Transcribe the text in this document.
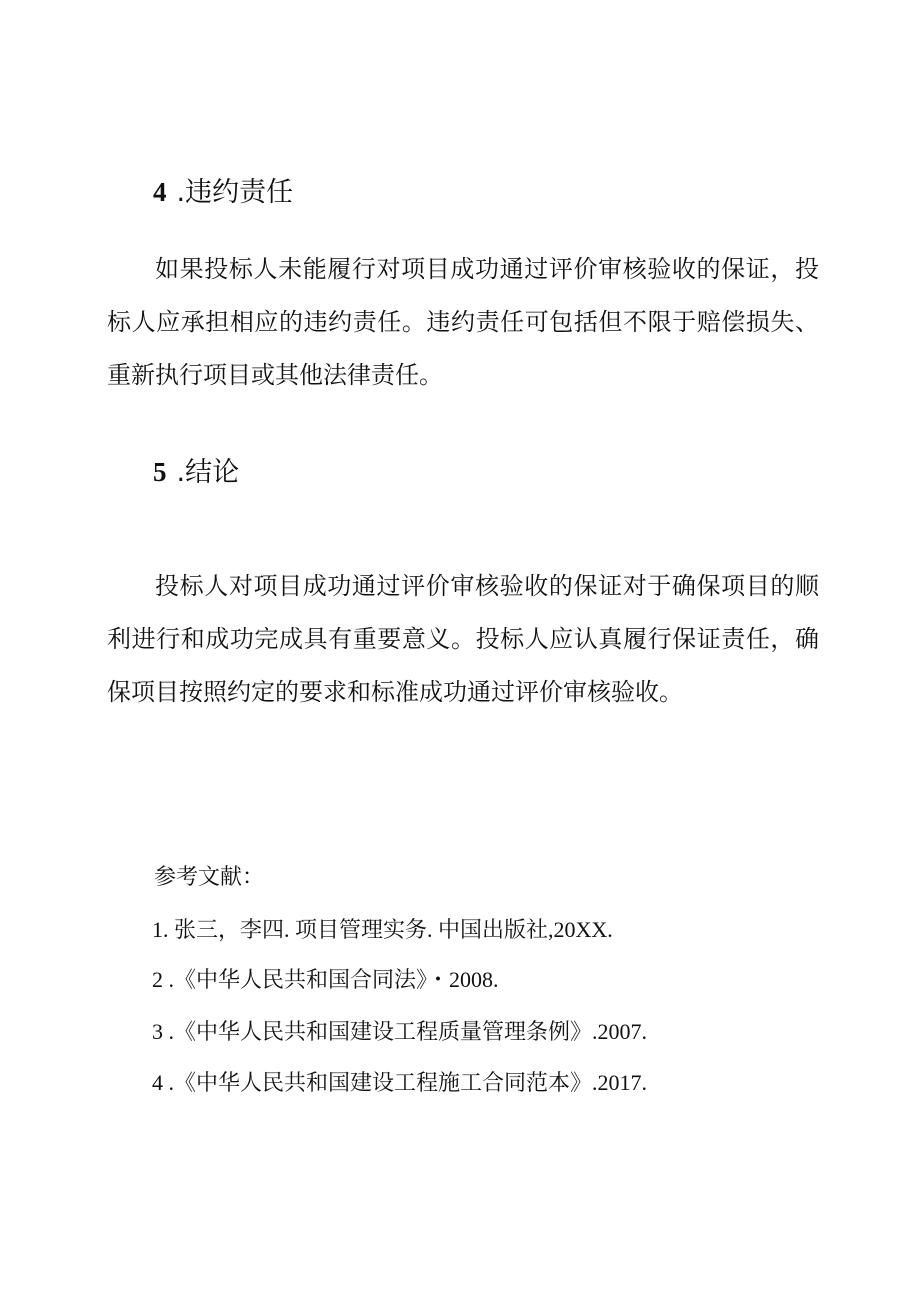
4 .违约责任

如果投标人未能履行对项目成功通过评价审核验收的保证，投标人应承担相应的违约责任。违约责任可包括但不限于赔偿损失、重新执行项目或其他法律责任。

5 .结论

投标人对项目成功通过评价审核验收的保证对于确保项目的顺利进行和成功完成具有重要意义。投标人应认真履行保证责任，确保项目按照约定的要求和标准成功通过评价审核验收。

参考文献：
1. 张三，李四. 项目管理实务. 中国出版社,20XX.
2 .《中华人民共和国合同法》・2008.
3 .《中华人民共和国建设工程质量管理条例》.2007.
4 .《中华人民共和国建设工程施工合同范本》.2017.
